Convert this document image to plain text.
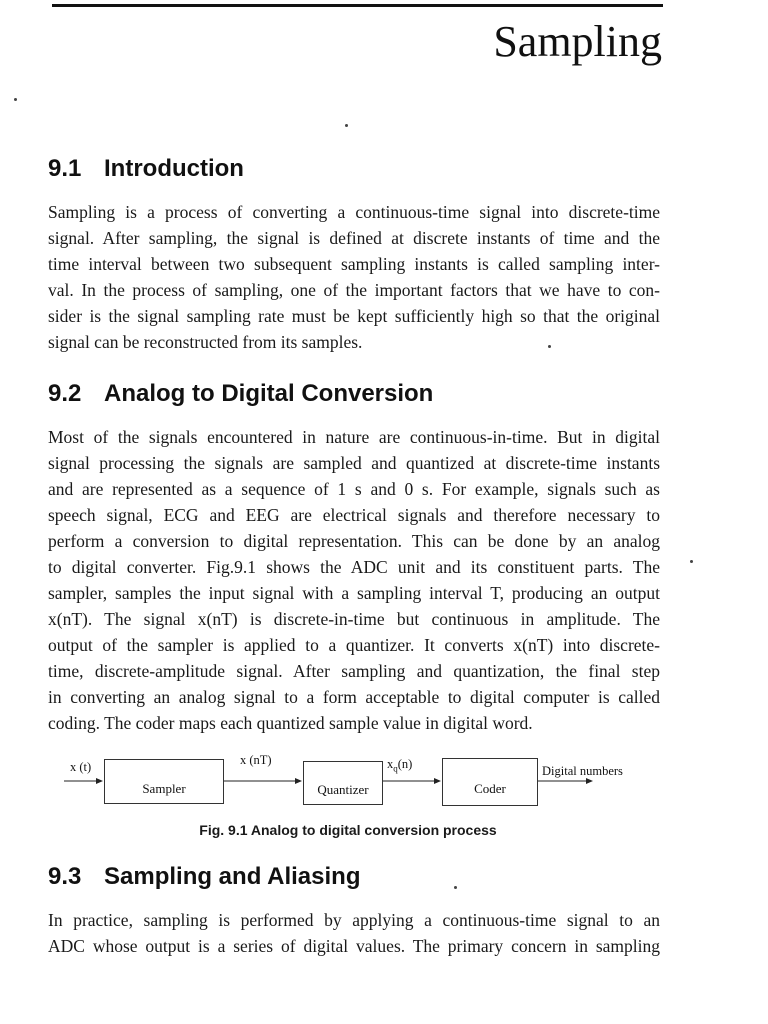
Sampling
9.1 Introduction

Sampling is a process of converting a continuous-time signal into discrete-time
signal. After sampling, the signal is defined at discrete instants of time and the
time interval between two subsequent sampling instants is called sampling inter-
val. In the process of sampling, one of the important factors that we have to con-
sider is the signal sampling rate must be kept sufficiently high so that the original
signal can be reconstructed from its samples.

9.2 Analog to Digital Conversion

Most of the signals encountered in nature are continuous-in-time. But in digital
signal processing the signals are sampled and quantized at discrete-time instants
and are represented as a sequence of 1 s and 0 s. For example, signals such as
speech signal, ECG and EEG are electrical signals and therefore necessary to
perform a conversion to digital representation. This can be done by an analog
to digital converter. Fig.9.1 shows the ADC unit and its constituent parts. The
sampler, samples the input signal with a sampling interval T, producing an output
x(nT). The signal x(nT) is discrete-in-time but continuous in amplitude. The
output of the sampler is applied to a quantizer. It converts x(nT) into discrete-
time, discrete-amplitude signal. After sampling and quantization, the final step
in converting an analog signal to a form acceptable to digital computer is called
coding. The coder maps each quantized sample value in digital word.

x (t)
Sampler
x (nT)
Quantizer
$x_q(n)$
Coder
Digital numbers

Fig. 9.1 Analog to digital conversion process

9.3 Sampling and Aliasing

In practice, sampling is performed by applying a continuous-time signal to an
ADC whose output is a series of digital values. The primary concern in sampling
